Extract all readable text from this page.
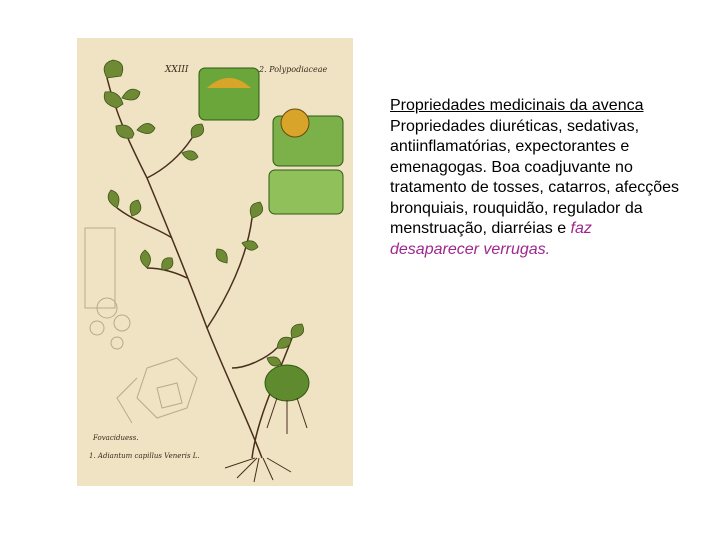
XXIII	2. Polypodiaceae
Fovaciduess.
1. Adiantum capillus Veneris L.
Propriedades medicinais da avenca
Propriedades diuréticas, sedativas, antiinflamatórias, expectorantes e emenagogas. Boa coadjuvante no tratamento de tosses, catarros, afecções bronquiais, rouquidão, regulador da menstruação, diarréias e faz desaparecer verrugas.
